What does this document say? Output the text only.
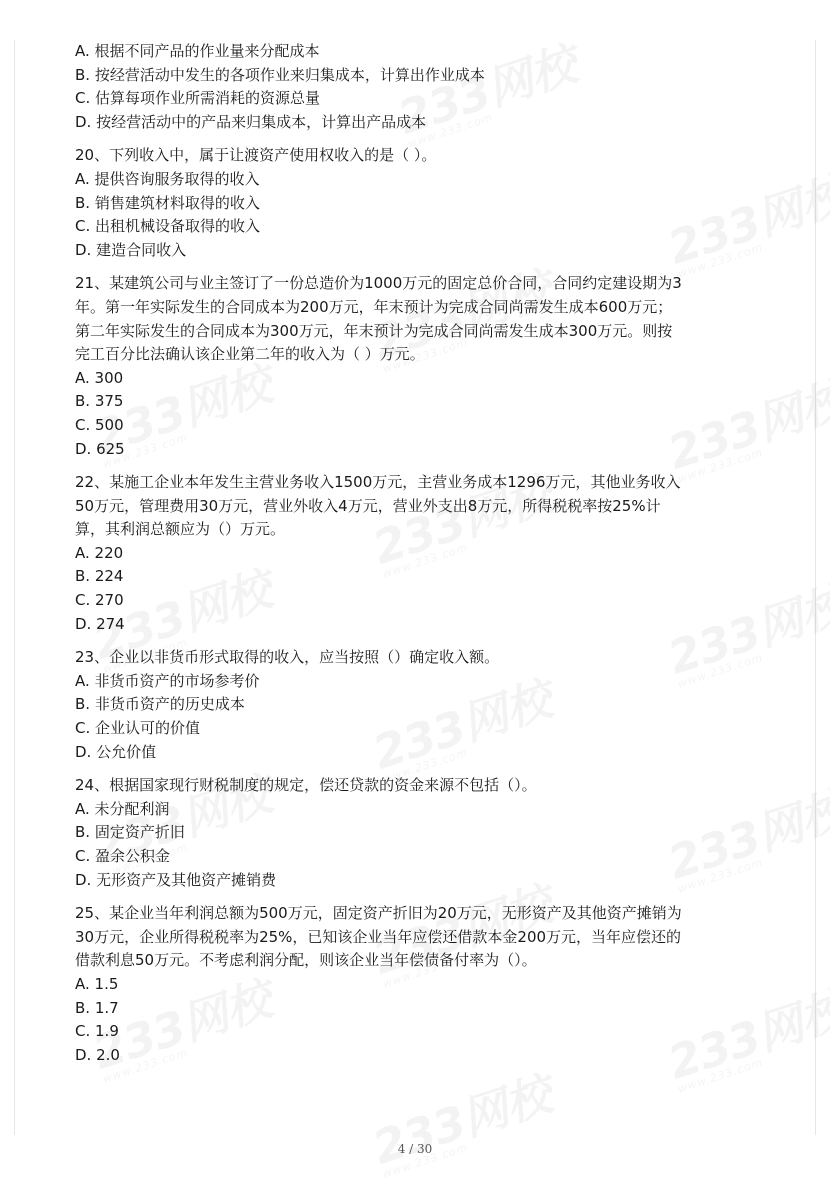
A. 根据不同产品的作业量来分配成本
B. 按经营活动中发生的各项作业来归集成本，计算出作业成本
C. 估算每项作业所需消耗的资源总量
D. 按经营活动中的产品来归集成本，计算出产品成本
20、下列收入中，属于让渡资产使用权收入的是（ ）。
A. 提供咨询服务取得的收入
B. 销售建筑材料取得的收入
C. 出租机械设备取得的收入
D. 建造合同收入
21、某建筑公司与业主签订了一份总造价为1000万元的固定总价合同，合同约定建设期为3
年。第一年实际发生的合同成本为200万元，年末预计为完成合同尚需发生成本600万元；
第二年实际发生的合同成本为300万元，年末预计为完成合同尚需发生成本300万元。则按
完工百分比法确认该企业第二年的收入为（ ）万元。
A. 300
B. 375
C. 500
D. 625
22、某施工企业本年发生主营业务收入1500万元，主营业务成本1296万元，其他业务收入
50万元，管理费用30万元，营业外收入4万元，营业外支出8万元，所得税税率按25%计
算，其利润总额应为（）万元。
A. 220
B. 224
C. 270
D. 274
23、企业以非货币形式取得的收入，应当按照（）确定收入额。
A. 非货币资产的市场参考价
B. 非货币资产的历史成本
C. 企业认可的价值
D. 公允价值
24、根据国家现行财税制度的规定，偿还贷款的资金来源不包括（）。
A. 未分配利润
B. 固定资产折旧
C. 盈余公积金
D. 无形资产及其他资产摊销费
25、某企业当年利润总额为500万元，固定资产折旧为20万元，无形资产及其他资产摊销为
30万元，企业所得税税率为25%，已知该企业当年应偿还借款本金200万元，当年应偿还的
借款利息50万元。不考虑利润分配，则该企业当年偿债备付率为（）。
A. 1.5
B. 1.7
C. 1.9
D. 2.0
4 / 30
